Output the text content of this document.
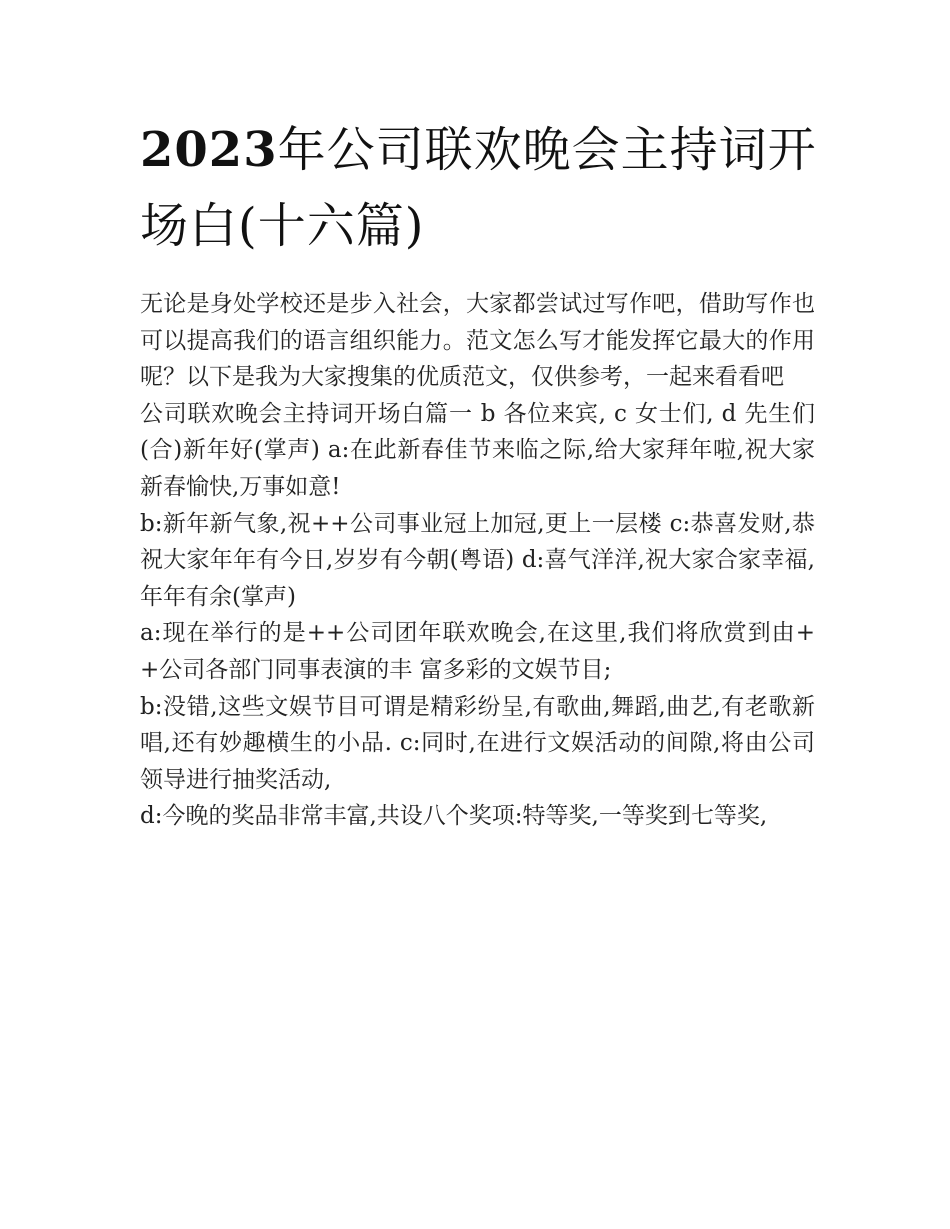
2023年公司联欢晚会主持词开场白(十六篇)

无论是身处学校还是步入社会，大家都尝试过写作吧，借助写作也可以提高我们的语言组织能力。范文怎么写才能发挥它最大的作用呢？以下是我为大家搜集的优质范文，仅供参考，一起来看看吧

公司联欢晚会主持词开场白篇一 b 各位来宾, c 女士们, d 先生们 (合)新年好(掌声) a:在此新春佳节来临之际,给大家拜年啦,祝大家新春愉快,万事如意!

b:新年新气象,祝++公司事业冠上加冠,更上一层楼 c:恭喜发财,恭祝大家年年有今日,岁岁有今朝(粤语) d:喜气洋洋,祝大家合家幸福,年年有余(掌声)

a:现在举行的是++公司团年联欢晚会,在这里,我们将欣赏到由++公司各部门同事表演的丰 富多彩的文娱节目;

b:没错,这些文娱节目可谓是精彩纷呈,有歌曲,舞蹈,曲艺,有老歌新唱,还有妙趣横生的小品. c:同时,在进行文娱活动的间隙,将由公司领导进行抽奖活动,

d:今晚的奖品非常丰富,共设八个奖项:特等奖,一等奖到七等奖,
